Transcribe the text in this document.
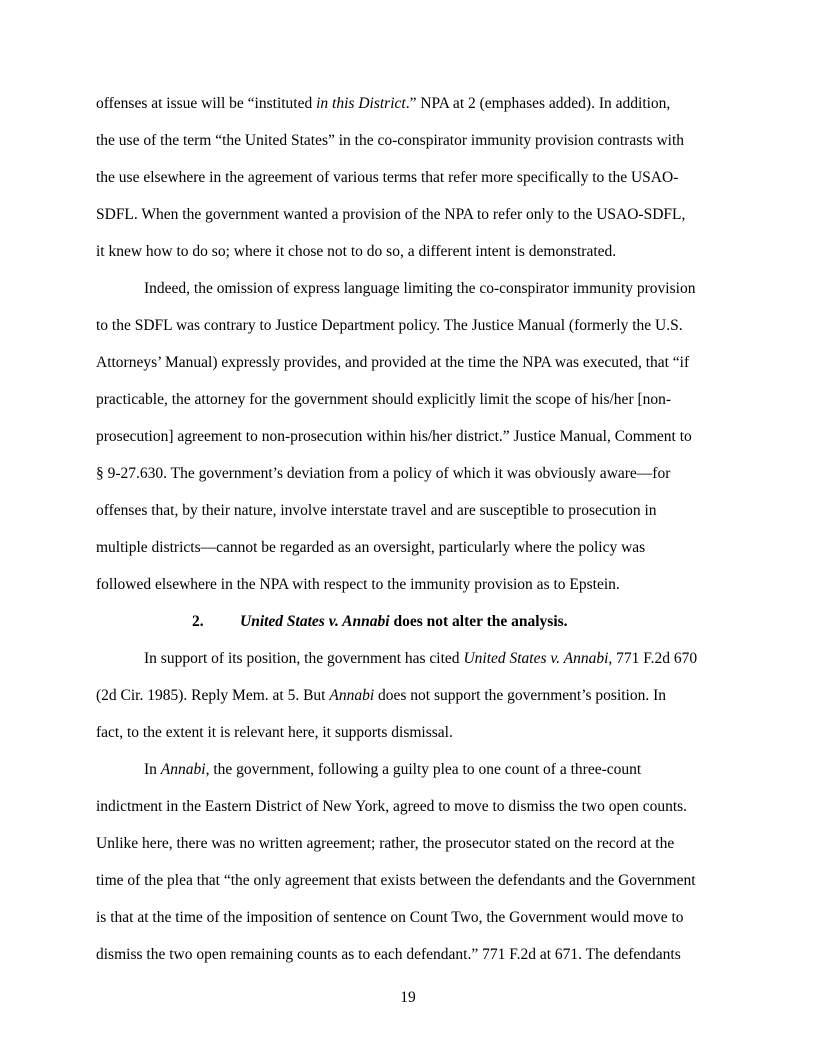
offenses at issue will be “instituted in this District.” NPA at 2 (emphases added). In addition,
the use of the term “the United States” in the co-conspirator immunity provision contrasts with
the use elsewhere in the agreement of various terms that refer more specifically to the USAO-
SDFL. When the government wanted a provision of the NPA to refer only to the USAO-SDFL,
it knew how to do so; where it chose not to do so, a different intent is demonstrated.
Indeed, the omission of express language limiting the co-conspirator immunity provision
to the SDFL was contrary to Justice Department policy. The Justice Manual (formerly the U.S.
Attorneys’ Manual) expressly provides, and provided at the time the NPA was executed, that “if
practicable, the attorney for the government should explicitly limit the scope of his/her [non-
prosecution] agreement to non-prosecution within his/her district.” Justice Manual, Comment to
§ 9-27.630. The government’s deviation from a policy of which it was obviously aware—for
offenses that, by their nature, involve interstate travel and are susceptible to prosecution in
multiple districts—cannot be regarded as an oversight, particularly where the policy was
followed elsewhere in the NPA with respect to the immunity provision as to Epstein.
2. United States v. Annabi does not alter the analysis.
In support of its position, the government has cited United States v. Annabi, 771 F.2d 670
(2d Cir. 1985). Reply Mem. at 5. But Annabi does not support the government’s position. In
fact, to the extent it is relevant here, it supports dismissal.
In Annabi, the government, following a guilty plea to one count of a three-count
indictment in the Eastern District of New York, agreed to move to dismiss the two open counts.
Unlike here, there was no written agreement; rather, the prosecutor stated on the record at the
time of the plea that “the only agreement that exists between the defendants and the Government
is that at the time of the imposition of sentence on Count Two, the Government would move to
dismiss the two open remaining counts as to each defendant.” 771 F.2d at 671. The defendants
19
